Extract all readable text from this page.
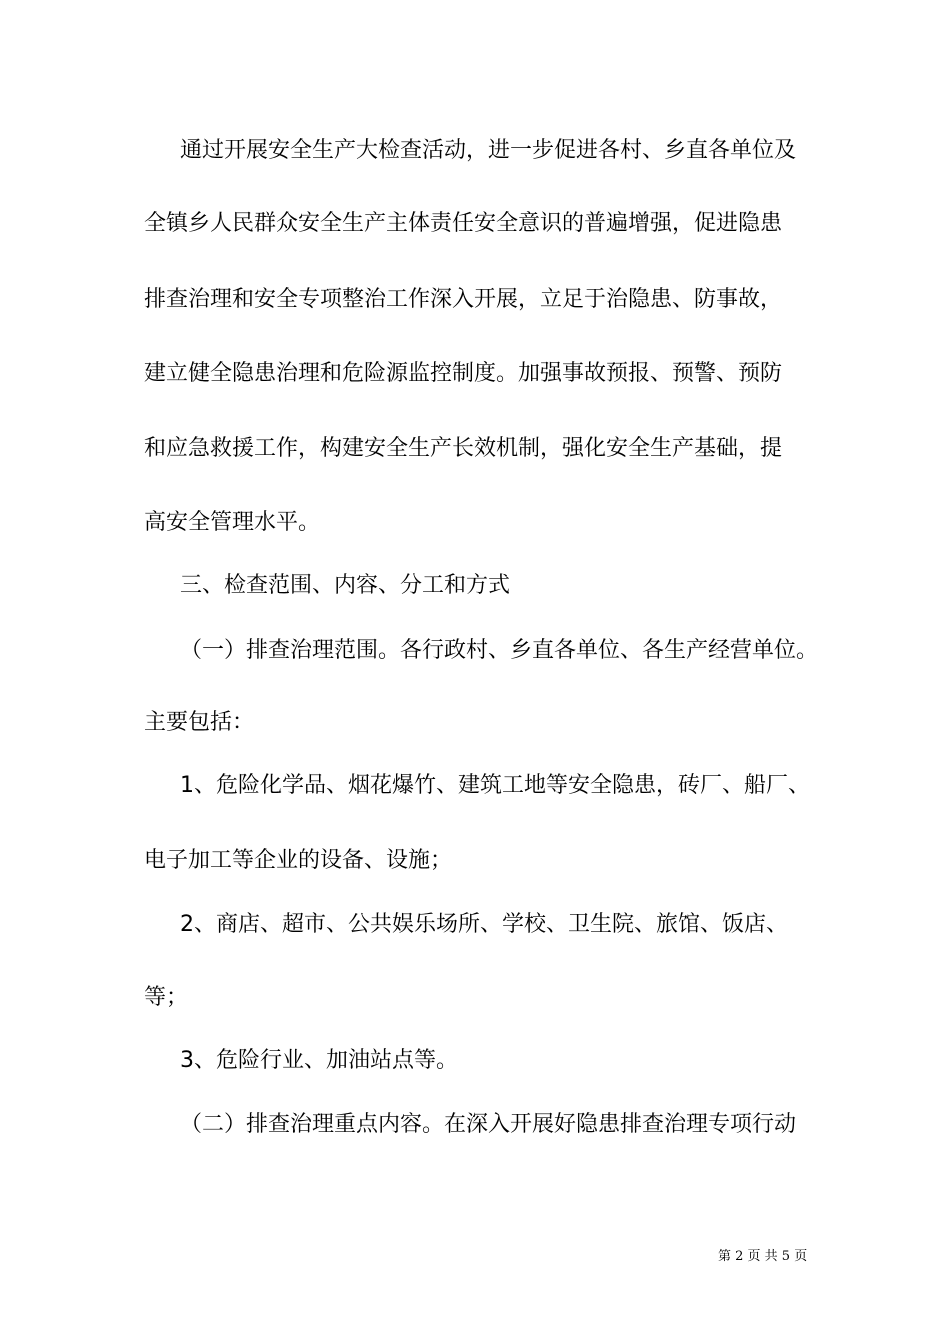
通过开展安全生产大检查活动，进一步促进各村、乡直各单位及

全镇乡人民群众安全生产主体责任安全意识的普遍增强，促进隐患

排查治理和安全专项整治工作深入开展，立足于治隐患、防事故，

建立健全隐患治理和危险源监控制度。加强事故预报、预警、预防

和应急救援工作，构建安全生产长效机制，强化安全生产基础，提

高安全管理水平。

三、检查范围、内容、分工和方式

（一）排查治理范围。各行政村、乡直各单位、各生产经营单位。

主要包括：

1、危险化学品、烟花爆竹、建筑工地等安全隐患，砖厂、船厂、

电子加工等企业的设备、设施；

2、商店、超市、公共娱乐场所、学校、卫生院、旅馆、饭店、

等；

3、危险行业、加油站点等。

（二）排查治理重点内容。在深入开展好隐患排查治理专项行动

第 2 页 共 5 页
